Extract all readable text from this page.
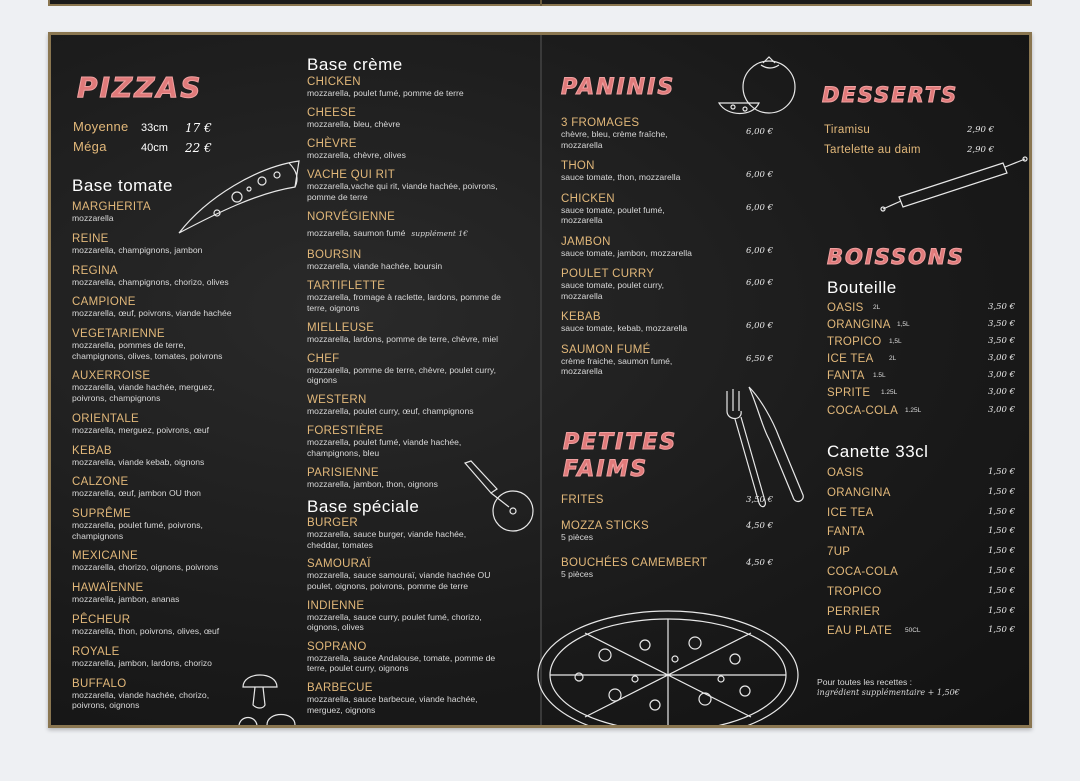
PIZZAS
Moyenne 33cm 17 €
Méga	40cm 22 €
Base tomate
MARGHERITA
mozzarella
REINE
mozzarella, champignons, jambon
REGINA
mozzarella, champignons, chorizo, olives
CAMPIONE
mozzarella, œuf, poivrons, viande hachée
VEGETARIENNE
mozzarella, pommes de terre,
champignons, olives, tomates, poivrons
AUXERROISE
mozzarella, viande hachée, merguez,
poivrons, champignons
ORIENTALE
mozzarella, merguez, poivrons, œuf
KEBAB
mozzarella, viande kebab, oignons
CALZONE
mozzarella, œuf, jambon OU thon
SUPRÊME
mozzarella, poulet fumé, poivrons,
champignons
MEXICAINE
mozzarella, chorizo, oignons, poivrons
HAWAÏENNE
mozzarella, jambon, ananas
PÊCHEUR
mozzarella, thon, poivrons, olives, œuf
ROYALE
mozzarella, jambon, lardons, chorizo
BUFFALO
mozzarella, viande hachée, chorizo,
poivrons, oignons
Base crème
CHICKEN
mozzarella, poulet fumé, pomme de terre
CHEESE
mozzarella, bleu, chèvre
CHÈVRE
mozzarella, chèvre, olives
VACHE QUI RIT
mozzarella,vache qui rit, viande hachée, poivrons,
pomme de terre
NORVÉGIENNE
mozzarella, saumon fumé supplément 1€
BOURSIN
mozzarella, viande hachée, boursin
TARTIFLETTE
mozzarella, fromage à raclette, lardons, pomme de
terre, oignons
MIELLEUSE
mozzarella, lardons, pomme de terre, chèvre, miel
CHEF
mozzarella, pomme de terre, chèvre, poulet curry,
oignons
WESTERN
mozzarella, poulet curry, œuf, champignons
FORESTIÈRE
mozzarella, poulet fumé, viande hachée,
champignons, bleu
PARISIENNE
mozzarella, jambon, thon, oignons
Base spéciale
BURGER
mozzarella, sauce burger, viande hachée,
cheddar, tomates
SAMOURAÏ
mozzarella, sauce samouraï, viande hachée OU
poulet, oignons, poivrons, pomme de terre
INDIENNE
mozzarella, sauce curry, poulet fumé, chorizo,
oignons, olives
SOPRANO
mozzarella, sauce Andalouse, tomate, pomme de
terre, poulet curry, oignons
BARBECUE
mozzarella, sauce barbecue, viande hachée,
merguez, oignons
PANINIS
3 FROMAGES
chèvre, bleu, crème fraîche,
mozzarella
6,00 €
THON
sauce tomate, thon, mozzarella	6,00 €
CHICKEN
sauce tomate, poulet fumé,
mozzarella
6,00 €
JAMBON
sauce tomate, jambon, mozzarella	6,00 €
POULET CURRY
sauce tomate, poulet curry,
mozzarella
6,00 €
KEBAB
sauce tomate, kebab, mozzarella	6,00 €
SAUMON FUMÉ
crème fraiche, saumon fumé,
mozzarella
6,50 €
PETITES
FAIMS
FRITES	3,50 €
MOZZA STICKS
5 pièces
4,50 €
BOUCHÉES CAMEMBERT
5 pièces
4,50 €
DESSERTS
Tiramisu	2,90 €
Tartelette au daim	2,90 €
BOISSONS
Bouteille
OASIS	2L	3,50 €
ORANGINA 1,5L	3,50 €
TROPICO	1,5L	3,50 €
ICE TEA	2L	3,00 €
FANTA	1.5L	3,00 €
SPRITE	1.25L	3,00 €
COCA-COLA	1.25L	3,00 €
Canette 33cl
OASIS	1,50 €
ORANGINA	1,50 €
ICE TEA	1,50 €
FANTA	1,50 €
7UP	1,50 €
COCA-COLA	1,50 €
TROPICO	1,50 €
PERRIER	1,50 €
EAU PLATE	50CL	1,50 €
Pour toutes les recettes :
ingrédient supplémentaire + 1,50€
